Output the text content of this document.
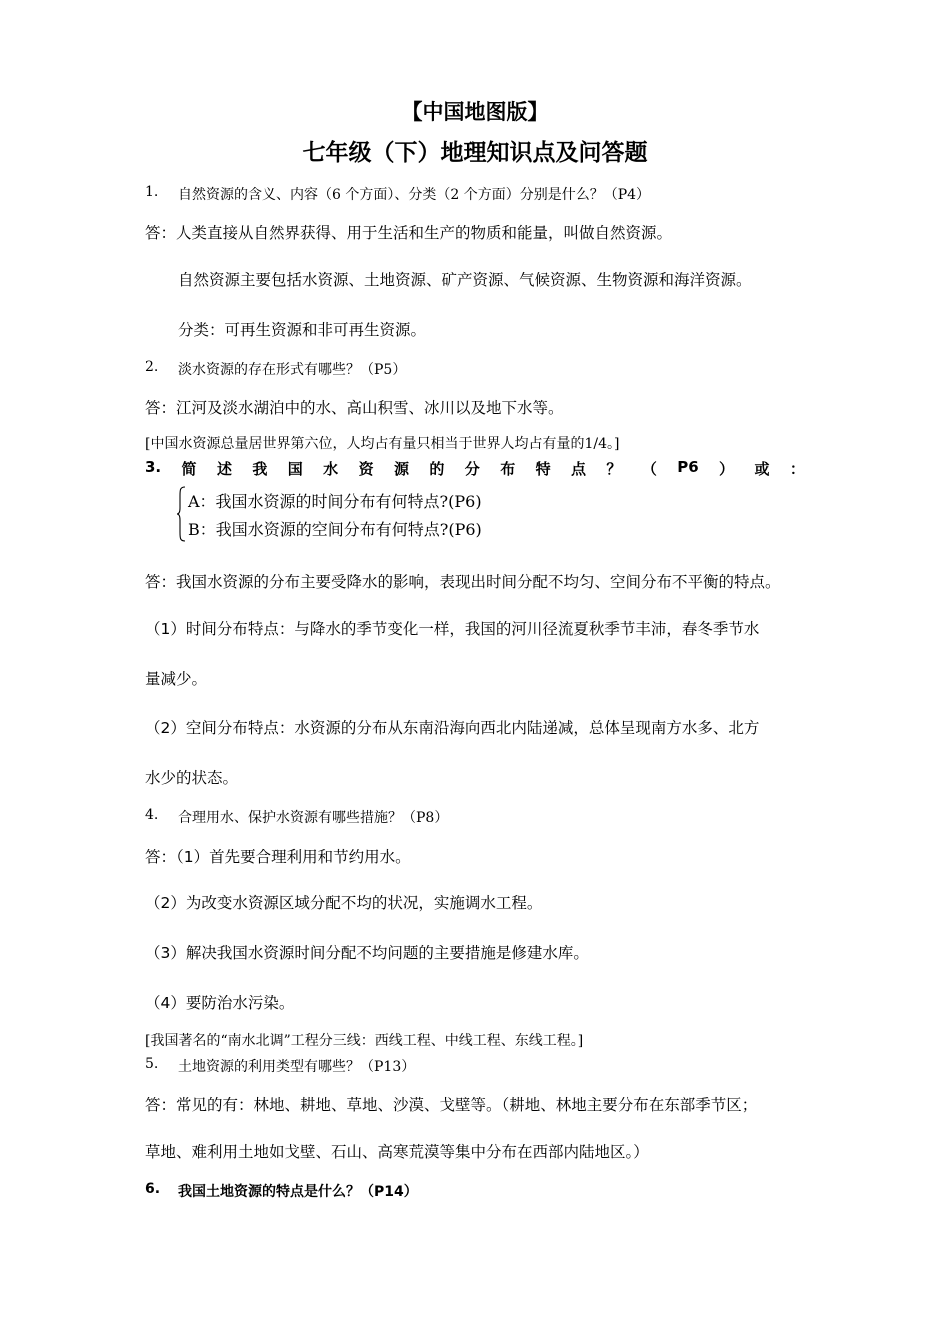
【中国地图版】
七年级（下）地理知识点及问答题
1. 自然资源的含义、内容（6 个方面）、分类（2 个方面）分别是什么？（P4）
答：人类直接从自然界获得、用于生活和生产的物质和能量，叫做自然资源。
自然资源主要包括水资源、土地资源、矿产资源、气候资源、生物资源和海洋资源。
分类：可再生资源和非可再生资源。
2. 淡水资源的存在形式有哪些？（P5）
答：江河及淡水湖泊中的水、高山积雪、冰川以及地下水等。
[中国水资源总量居世界第六位，人均占有量只相当于世界人均占有量的1/4。]
3. 简 述 我 国 水 资 源 的 分 布 特 点 ？ （ P6 ） 或 ：
A：我国水资源的时间分布有何特点?(P6)
B：我国水资源的空间分布有何特点?(P6)
答：我国水资源的分布主要受降水的影响，表现出时间分配不均匀、空间分布不平衡的特点。
（1）时间分布特点：与降水的季节变化一样，我国的河川径流夏秋季节丰沛，春冬季节水
量减少。
（2）空间分布特点：水资源的分布从东南沿海向西北内陆递减，总体呈现南方水多、北方
水少的状态。
4. 合理用水、保护水资源有哪些措施？（P8）
答：（1）首先要合理利用和节约用水。
（2）为改变水资源区域分配不均的状况，实施调水工程。
（3）解决我国水资源时间分配不均问题的主要措施是修建水库。
（4）要防治水污染。
[我国著名的“南水北调”工程分三线：西线工程、中线工程、东线工程。]
5. 土地资源的利用类型有哪些？（P13）
答：常见的有：林地、耕地、草地、沙漠、戈壁等。（耕地、林地主要分布在东部季节区；
草地、难利用土地如戈壁、石山、高寒荒漠等集中分布在西部内陆地区。）
6. 我国土地资源的特点是什么？（P14）
